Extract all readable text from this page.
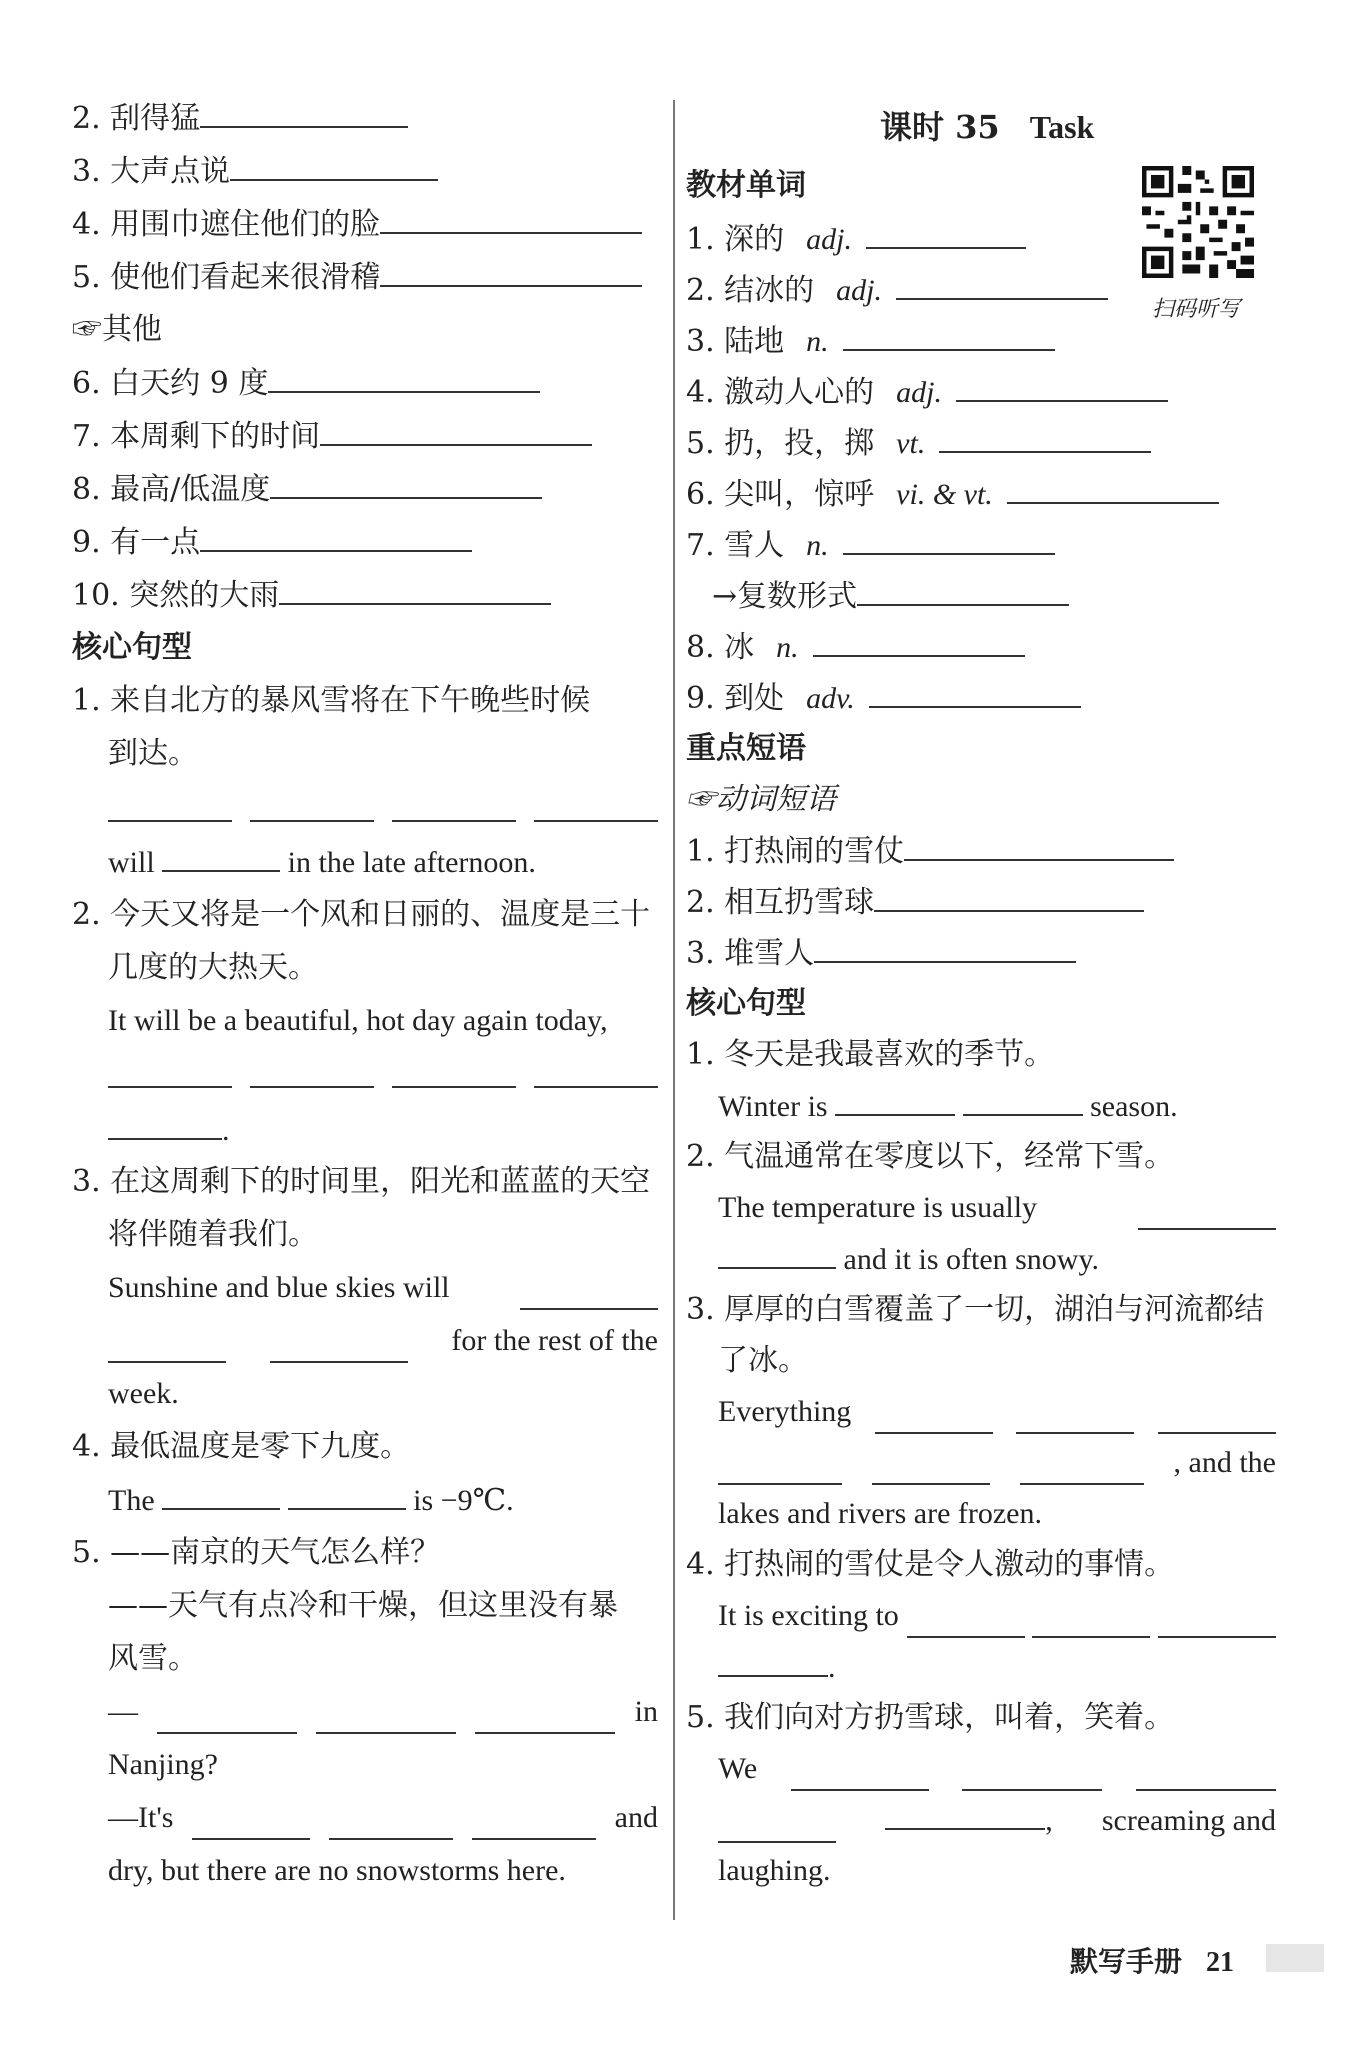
2. 刮得猛
3. 大声点说
4. 用围巾遮住他们的脸
5. 使他们看起来很滑稽
☞其他
6. 白天约 9 度
7. 本周剩下的时间
8. 最高/低温度
9. 有一点
10. 突然的大雨
核心句型
1. 来自北方的暴风雪将在下午晚些时候
到达。
will	in the late afternoon.
2. 今天又将是一个风和日丽的、温度是三十
几度的大热天。
It will be a beautiful, hot day again today,
.
3. 在这周剩下的时间里，阳光和蓝蓝的天空
将伴随着我们。
Sunshine and blue skies will
for the rest of the
week.
4. 最低温度是零下九度。
The	is −9℃.
5. ——南京的天气怎么样？
——天气有点冷和干燥，但这里没有暴
风雪。
—	in
Nanjing?
—It's	and
dry, but there are no snowstorms here.
课时 35 Task
扫码听写
教材单词
1. 深的 adj.
2. 结冰的 adj.
3. 陆地 n.
4. 激动人心的 adj.
5. 扔，投，掷 vt.
6. 尖叫，惊呼 vi. & vt.
7. 雪人 n.
→复数形式
8. 冰 n.
9. 到处 adv.
重点短语
☞动词短语
1. 打热闹的雪仗
2. 相互扔雪球
3. 堆雪人
核心句型
1. 冬天是我最喜欢的季节。
Winter is	season.
2. 气温通常在零度以下，经常下雪。
The temperature is usually
and it is often snowy.
3. 厚厚的白雪覆盖了一切，湖泊与河流都结
了冰。
Everything
, and the
lakes and rivers are frozen.
4. 打热闹的雪仗是令人激动的事情。
It is exciting to
.
5. 我们向对方扔雪球，叫着，笑着。
We
, screaming and
laughing.
默写手册 21
